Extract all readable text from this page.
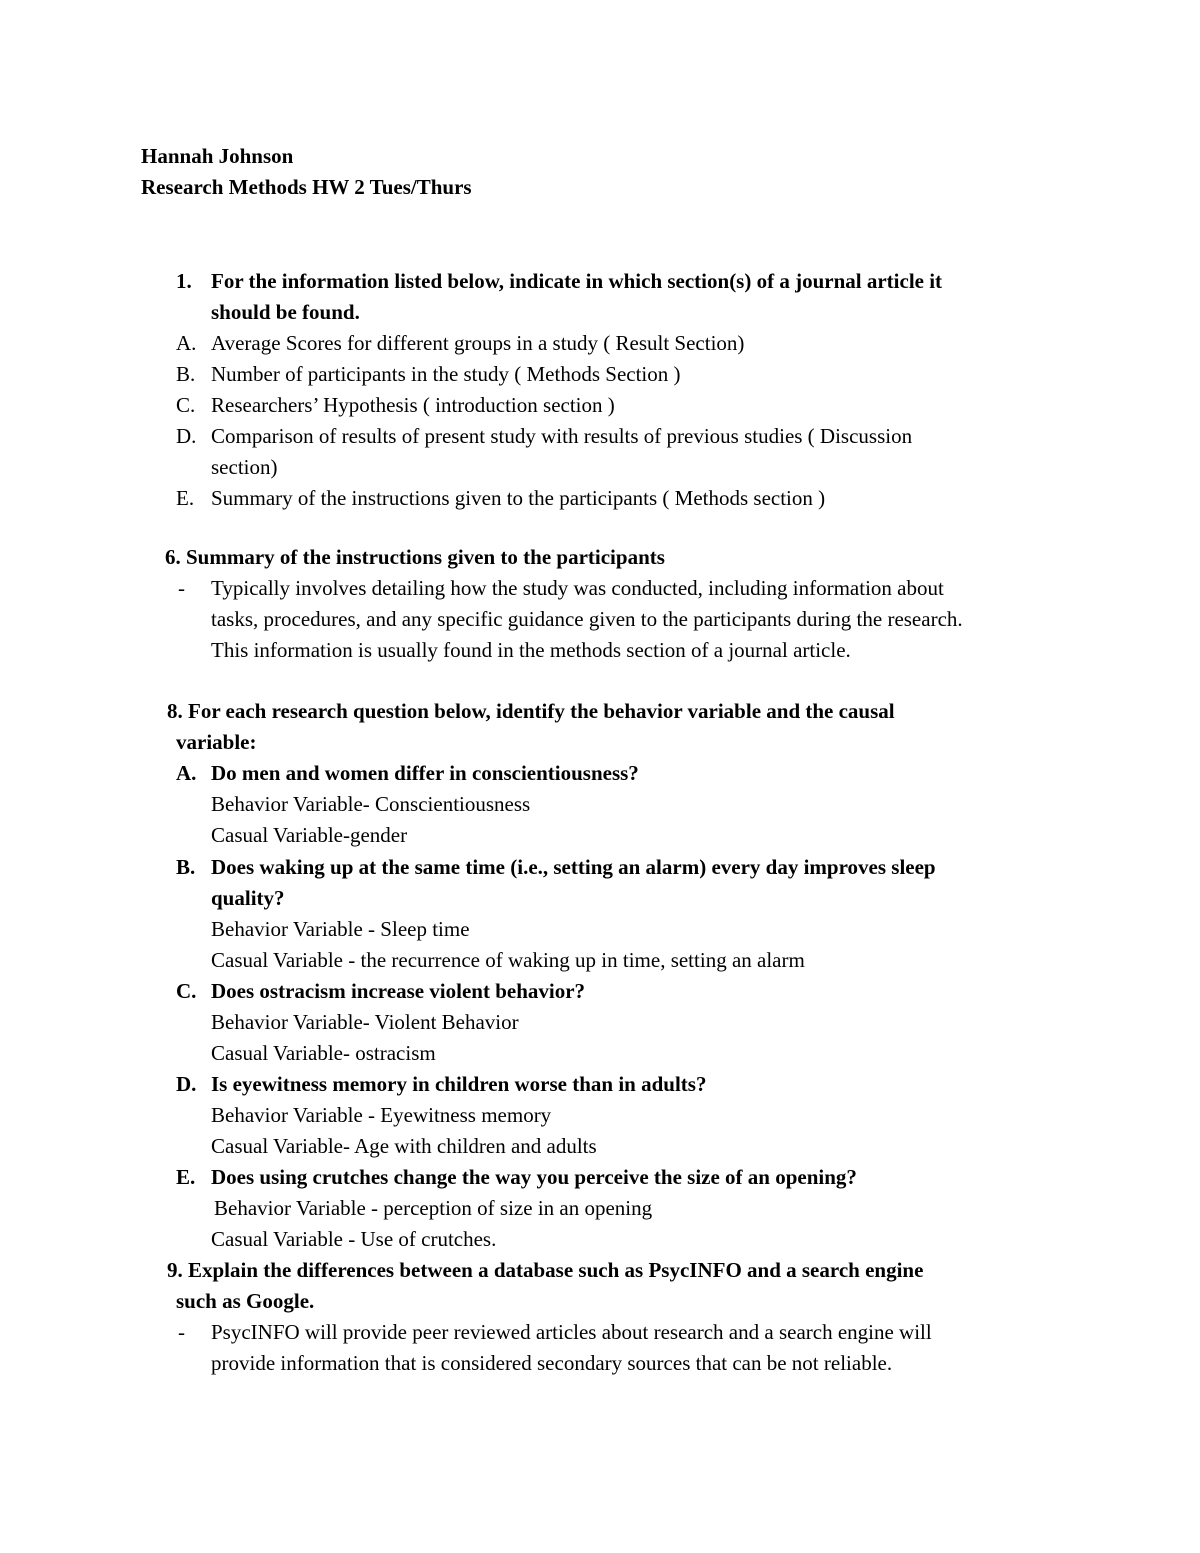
Hannah Johnson
Research Methods HW 2 Tues/Thurs
1. For the information listed below, indicate in which section(s) of a journal article it
should be found.
A. Average Scores for different groups in a study ( Result Section)
B. Number of participants in the study ( Methods Section )
C. Researchers’ Hypothesis ( introduction section )
D. Comparison of results of present study with results of previous studies ( Discussion
section)
E. Summary of the instructions given to the participants ( Methods section )
6. Summary of the instructions given to the participants
- Typically involves detailing how the study was conducted, including information about
tasks, procedures, and any specific guidance given to the participants during the research.
This information is usually found in the methods section of a journal article.
8. For each research question below, identify the behavior variable and the causal
variable:
A. Do men and women differ in conscientiousness?
Behavior Variable- Conscientiousness
Casual Variable-gender
B. Does waking up at the same time (i.e., setting an alarm) every day improves sleep
quality?
Behavior Variable - Sleep time
Casual Variable - the recurrence of waking up in time, setting an alarm
C. Does ostracism increase violent behavior?
Behavior Variable- Violent Behavior
Casual Variable- ostracism
D. Is eyewitness memory in children worse than in adults?
Behavior Variable - Eyewitness memory
Casual Variable- Age with children and adults
E. Does using crutches change the way you perceive the size of an opening?
Behavior Variable - perception of size in an opening
Casual Variable - Use of crutches.
9. Explain the differences between a database such as PsycINFO and a search engine
such as Google.
- PsycINFO will provide peer reviewed articles about research and a search engine will
provide information that is considered secondary sources that can be not reliable.
